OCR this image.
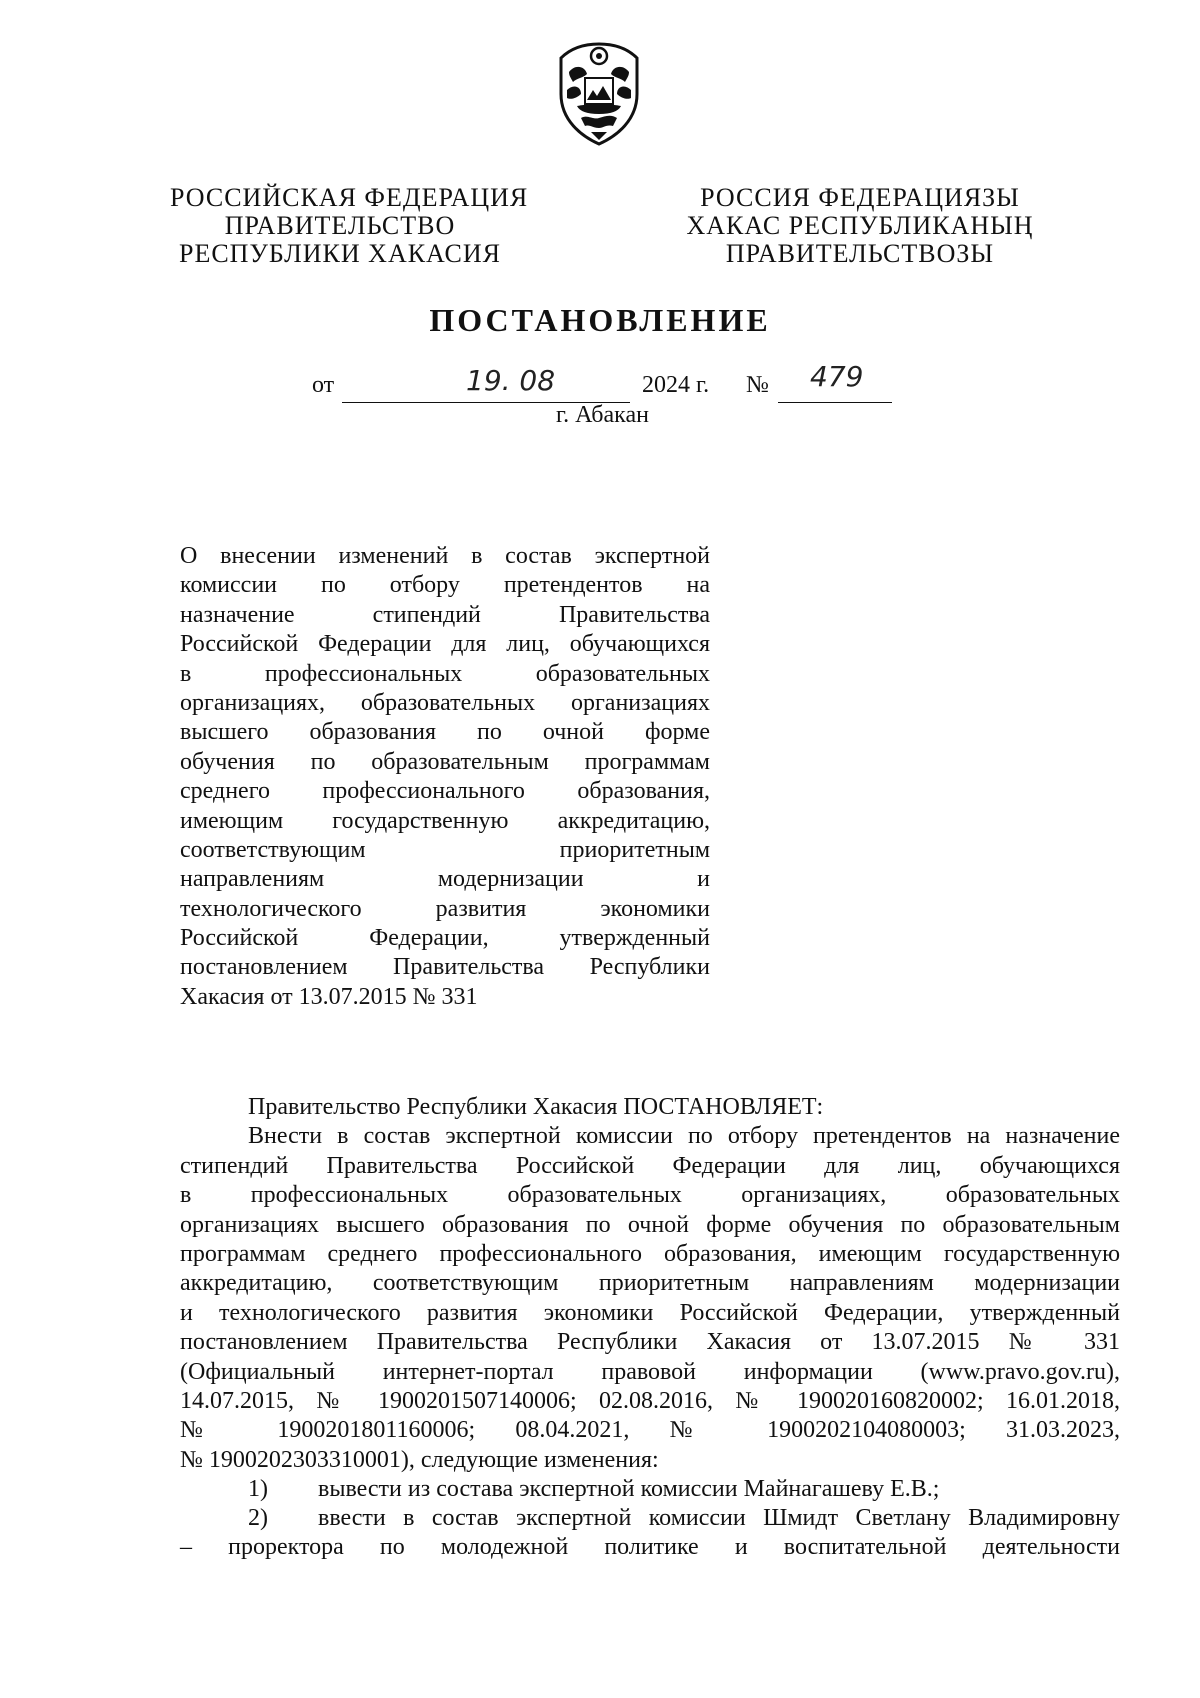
РОССИЙСКАЯ ФЕДЕРАЦИЯ
ПРАВИТЕЛЬСТВО
РЕСПУБЛИКИ ХАКАСИЯ
РОССИЯ ФЕДЕРАЦИЯЗЫ
ХАКАС РЕСПУБЛИКАНЫҢ
ПРАВИТЕЛЬСТВОЗЫ
ПОСТАНОВЛЕНИЕ
от	19. 08	2024 г. № 479
г. Абакан
О внесении изменений в состав экспертной
комиссии по отбору претендентов на
назначение стипендий Правительства
Российской Федерации для лиц, обучающихся
в профессиональных образовательных
организациях, образовательных организациях
высшего образования по очной форме
обучения по образовательным программам
среднего профессионального образования,
имеющим государственную аккредитацию,
соответствующим приоритетным
направлениям модернизации и
технологического развития экономики
Российской Федерации, утвержденный
постановлением Правительства Республики
Хакасия от 13.07.2015 № 331
Правительство Республики Хакасия ПОСТАНОВЛЯЕТ:
Внести в состав экспертной комиссии по отбору претендентов на назначение
стипендий Правительства Российской Федерации для лиц, обучающихся
в профессиональных образовательных организациях, образовательных
организациях высшего образования по очной форме обучения по образовательным
программам среднего профессионального образования, имеющим государственную
аккредитацию, соответствующим приоритетным направлениям модернизации
и технологического развития экономики Российской Федерации, утвержденный
постановлением Правительства Республики Хакасия от 13.07.2015 № 331
(Официальный интернет-портал правовой информации (www.pravo.gov.ru),
14.07.2015, № 1900201507140006; 02.08.2016, № 190020160820002; 16.01.2018,
№ 1900201801160006; 08.04.2021, № 1900202104080003; 31.03.2023,
№ 1900202303310001), следующие изменения:
1) вывести из состава экспертной комиссии Майнагашеву Е.В.;
2) ввести в состав экспертной комиссии Шмидт Светлану Владимировну
– проректора по молодежной политике и воспитательной деятельности
